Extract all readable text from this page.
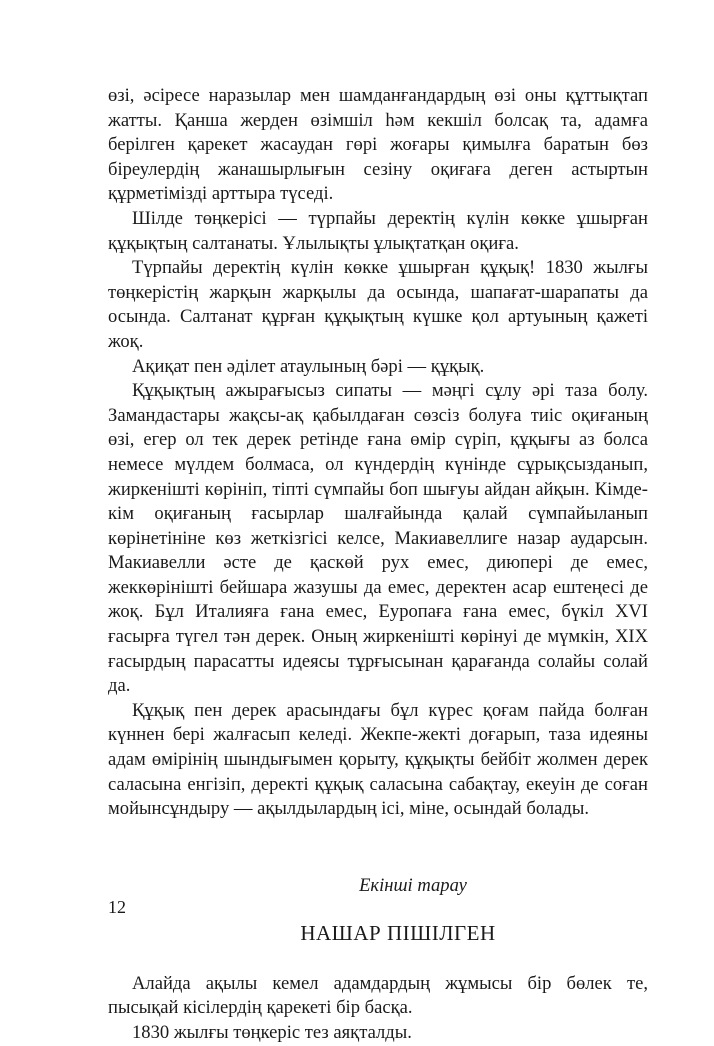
өзі, әсіресе наразылар мен шамданғандардың өзі оны құттықтап жатты. Қанша жерден өзімшіл һәм кекшіл болсақ та, адамға берілген қарекет жасаудан гөрі жоғары қимылға баратын бөз біреулердің жанашырлығын сезіну оқиғаға деген астыртын құрметімізді арттыра түседі.

Шілде төңкерісі — түрпайы деректің күлін көкке ұшырған құқықтың салтанаты. Ұлылықты ұлықтатқан оқиға.

Түрпайы деректің күлін көкке ұшырған құқық! 1830 жылғы төңкерістің жарқын жарқылы да осында, шапағат-шарапаты да осында. Салтанат құрған құқықтың күшке қол артуының қажеті жоқ.

Ақиқат пен әділет атаулының бәрі — құқық.

Құқықтың ажырағысыз сипаты — мәңгі сұлу әрі таза болу. Замандастары жақсы-ақ қабылдаған сөзсіз болуға тиіс оқиғаның өзі, егер ол тек дерек ретінде ғана өмір сүріп, құқығы аз болса немесе мүлдем болмаса, ол күндердің күнінде сұрықсызданып, жиркенішті көрініп, тіпті сүмпайы боп шығуы айдан айқын. Кімде-кім оқиғаның ғасырлар шалғайында қалай сүмпайыланып көрінетініне көз жеткізгісі келсе, Макиавеллиге назар аударсын. Макиавелли әсте де қаскөй рух емес, диюпері де емес, жеккөрінішті бейшара жазушы да емес, деректен асар ештеңесі де жоқ. Бұл Италияға ғана емес, Еуропаға ғана емес, бүкіл XVI ғасырға түгел тән дерек. Оның жиркенішті көрінуі де мүмкін, XIX ғасырдың парасатты идеясы тұрғысынан қарағанда солайы солай да.

Құқық пен дерек арасындағы бұл күрес қоғам пайда болған күннен бері жалғасып келеді. Жекпе-жекті доғарып, таза идеяны адам өмірінің шындығымен қорыту, құқықты бейбіт жолмен дерек саласына енгізіп, деректі құқық саласына сабақтау, екеуін де соған мойынсұндыру — ақылдылардың ісі, міне, осындай болады.

Екінші тарау
НАШАР ПІШІЛГЕН

Алайда ақылы кемел адамдардың жұмысы бір бөлек те, пысықай кісілердің қарекеті бір басқа.

1830 жылғы төңкеріс тез аяқталды.

12
